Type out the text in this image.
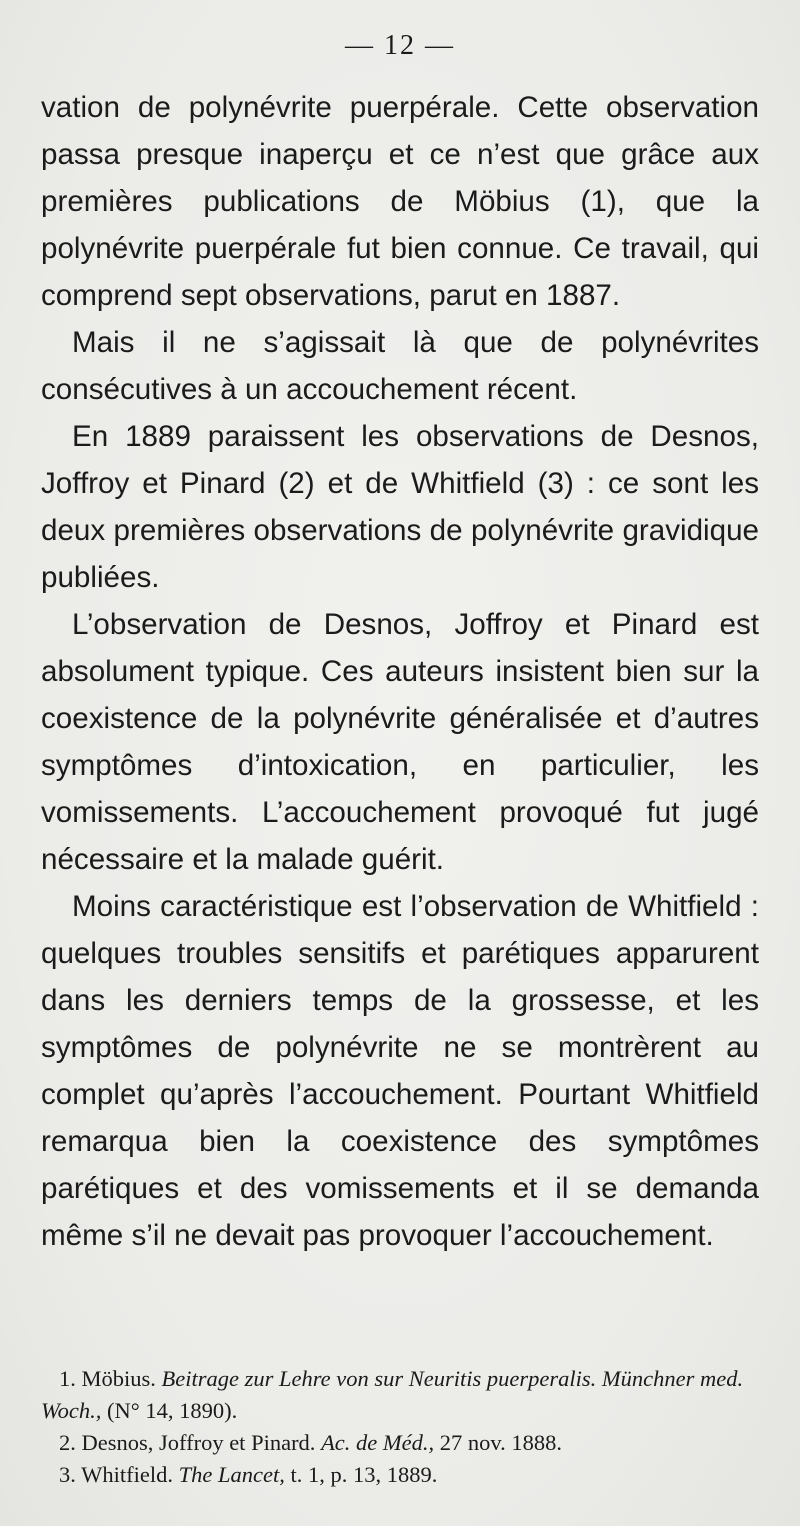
— 12 —

vation de polynévrite puerpérale. Cette observation passa presque inaperçu et ce n’est que grâce aux premières publications de Möbius (1), que la polynévrite puerpérale fut bien connue. Ce travail, qui comprend sept observations, parut en 1887.

Mais il ne s’agissait là que de polynévrites consécutives à un accouchement récent.

En 1889 paraissent les observations de Desnos, Joffroy et Pinard (2) et de Whitfield (3) : ce sont les deux premières observations de polynévrite gravidique publiées.

L’observation de Desnos, Joffroy et Pinard est absolument typique. Ces auteurs insistent bien sur la coexistence de la polynévrite généralisée et d’autres symptômes d’intoxication, en particulier, les vomissements. L’accouchement provoqué fut jugé nécessaire et la malade guérit.

Moins caractéristique est l’observation de Whitfield : quelques troubles sensitifs et parétiques apparurent dans les derniers temps de la grossesse, et les symptômes de polynévrite ne se montrèrent au complet qu’après l’accouchement. Pourtant Whitfield remarqua bien la coexistence des symptômes parétiques et des vomissements et il se demanda même s’il ne devait pas provoquer l’accouchement.

1. Möbius. Beitrage zur Lehre von sur Neuritis puerperalis. Münchner med. Woch., (N° 14, 1890).

2. Desnos, Joffroy et Pinard. Ac. de Méd., 27 nov. 1888.

3. Whitfield. The Lancet, t. 1, p. 13, 1889.
